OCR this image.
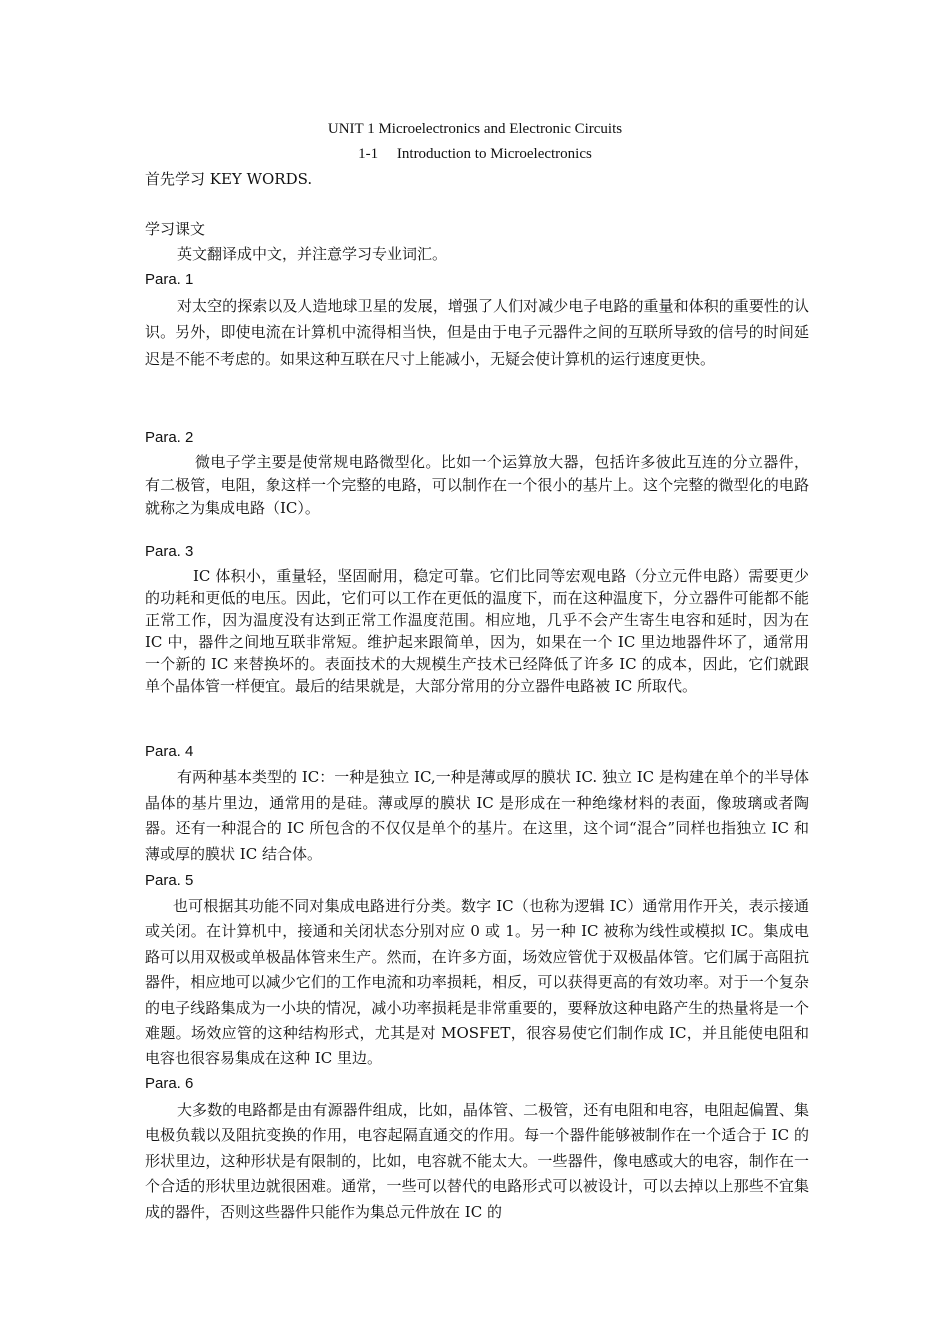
UNIT 1 Microelectronics and Electronic Circuits
1-1     Introduction to Microelectronics
首先学习 KEY WORDS.
学习课文
英文翻译成中文，并注意学习专业词汇。
Para. 1

对太空的探索以及人造地球卫星的发展，增强了人们对减少电子电路的重量和体积的重要性的认识。另外，即使电流在计算机中流得相当快，但是由于电子元器件之间的互联所导致的信号的时间延迟是不能不考虑的。如果这种互联在尺寸上能减小，无疑会使计算机的运行速度更快。

Para. 2

微电子学主要是使常规电路微型化。比如一个运算放大器，包括许多彼此互连的分立器件，有二极管，电阻，象这样一个完整的电路，可以制作在一个很小的基片上。这个完整的微型化的电路就称之为集成电路（IC）。

Para. 3

IC 体积小，重量轻，坚固耐用，稳定可靠。它们比同等宏观电路（分立元件电路）需要更少的功耗和更低的电压。因此，它们可以工作在更低的温度下，而在这种温度下，分立器件可能都不能正常工作，因为温度没有达到正常工作温度范围。相应地，几乎不会产生寄生电容和延时，因为在 IC 中，器件之间地互联非常短。维护起来跟简单，因为，如果在一个 IC 里边地器件坏了，通常用一个新的 IC 来替换坏的。表面技术的大规模生产技术已经降低了许多 IC 的成本，因此，它们就跟单个晶体管一样便宜。最后的结果就是，大部分常用的分立器件电路被 IC 所取代。

Para. 4

有两种基本类型的 IC：一种是独立 IC,一种是薄或厚的膜状 IC. 独立 IC 是构建在单个的半导体晶体的基片里边，通常用的是硅。薄或厚的膜状 IC 是形成在一种绝缘材料的表面，像玻璃或者陶器。还有一种混合的 IC 所包含的不仅仅是单个的基片。在这里，这个词“混合”同样也指独立 IC 和薄或厚的膜状 IC 结合体。

Para. 5

也可根据其功能不同对集成电路进行分类。数字 IC（也称为逻辑 IC）通常用作开关，表示接通或关闭。在计算机中，接通和关闭状态分别对应 0 或 1。另一种 IC 被称为线性或模拟 IC。集成电路可以用双极或单极晶体管来生产。然而，在许多方面，场效应管优于双极晶体管。它们属于高阻抗器件，相应地可以减少它们的工作电流和功率损耗，相反，可以获得更高的有效功率。对于一个复杂的电子线路集成为一小块的情况，减小功率损耗是非常重要的，要释放这种电路产生的热量将是一个难题。场效应管的这种结构形式，尤其是对 MOSFET，很容易使它们制作成 IC，并且能使电阻和电容也很容易集成在这种 IC 里边。

Para. 6

大多数的电路都是由有源器件组成，比如，晶体管、二极管，还有电阻和电容，电阻起偏置、集电极负载以及阻抗变换的作用，电容起隔直通交的作用。每一个器件能够被制作在一个适合于 IC 的形状里边，这种形状是有限制的，比如，电容就不能太大。一些器件，像电感或大的电容，制作在一个合适的形状里边就很困难。通常，一些可以替代的电路形式可以被设计，可以去掉以上那些不宜集成的器件，否则这些器件只能作为集总元件放在 IC 的
